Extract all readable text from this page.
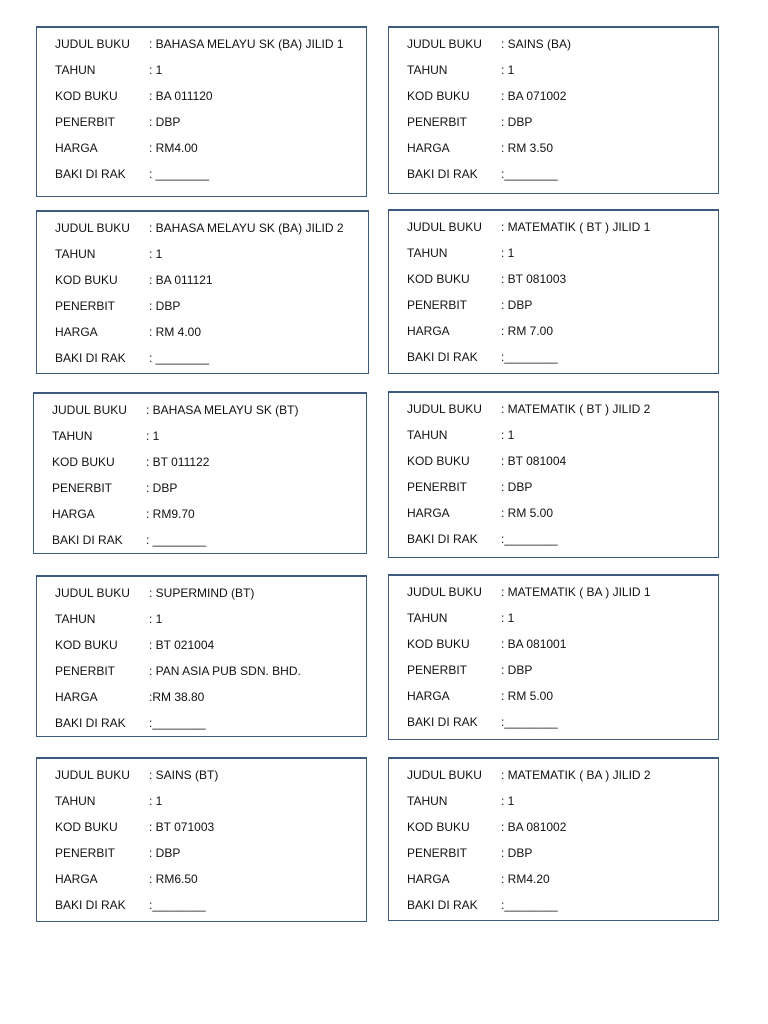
JUDUL BUKU : BAHASA MELAYU SK (BA) JILID 1
TAHUN	: 1
KOD BUKU	: BA 011120
PENERBIT	: DBP
HARGA	: RM4.00
BAKI DI RAK : ________
JUDUL BUKU : SAINS (BA)
TAHUN	: 1
KOD BUKU	: BA 071002
PENERBIT	: DBP
HARGA	: RM 3.50
BAKI DI RAK :________
JUDUL BUKU : BAHASA MELAYU SK (BA) JILID 2
TAHUN	: 1
KOD BUKU	: BA 011121
PENERBIT	: DBP
HARGA	: RM 4.00
BAKI DI RAK : ________
JUDUL BUKU : MATEMATIK ( BT ) JILID 1
TAHUN	: 1
KOD BUKU	: BT 081003
PENERBIT	: DBP
HARGA	: RM 7.00
BAKI DI RAK :________
JUDUL BUKU : BAHASA MELAYU SK (BT)
TAHUN	: 1
KOD BUKU	: BT 011122
PENERBIT	: DBP
HARGA	: RM9.70
BAKI DI RAK : ________
JUDUL BUKU : MATEMATIK ( BT ) JILID 2
TAHUN	: 1
KOD BUKU	: BT 081004
PENERBIT	: DBP
HARGA	: RM 5.00
BAKI DI RAK :________
JUDUL BUKU : SUPERMIND (BT)
TAHUN	: 1
KOD BUKU	: BT 021004
PENERBIT	: PAN ASIA PUB SDN. BHD.
HARGA	:RM 38.80
BAKI DI RAK :________
JUDUL BUKU : MATEMATIK ( BA ) JILID 1
TAHUN	: 1
KOD BUKU	: BA 081001
PENERBIT	: DBP
HARGA	: RM 5.00
BAKI DI RAK :________
JUDUL BUKU : SAINS (BT)
TAHUN	: 1
KOD BUKU	: BT 071003
PENERBIT	: DBP
HARGA	: RM6.50
BAKI DI RAK :________
JUDUL BUKU : MATEMATIK ( BA ) JILID 2
TAHUN	: 1
KOD BUKU	: BA 081002
PENERBIT	: DBP
HARGA	: RM4.20
BAKI DI RAK :________
